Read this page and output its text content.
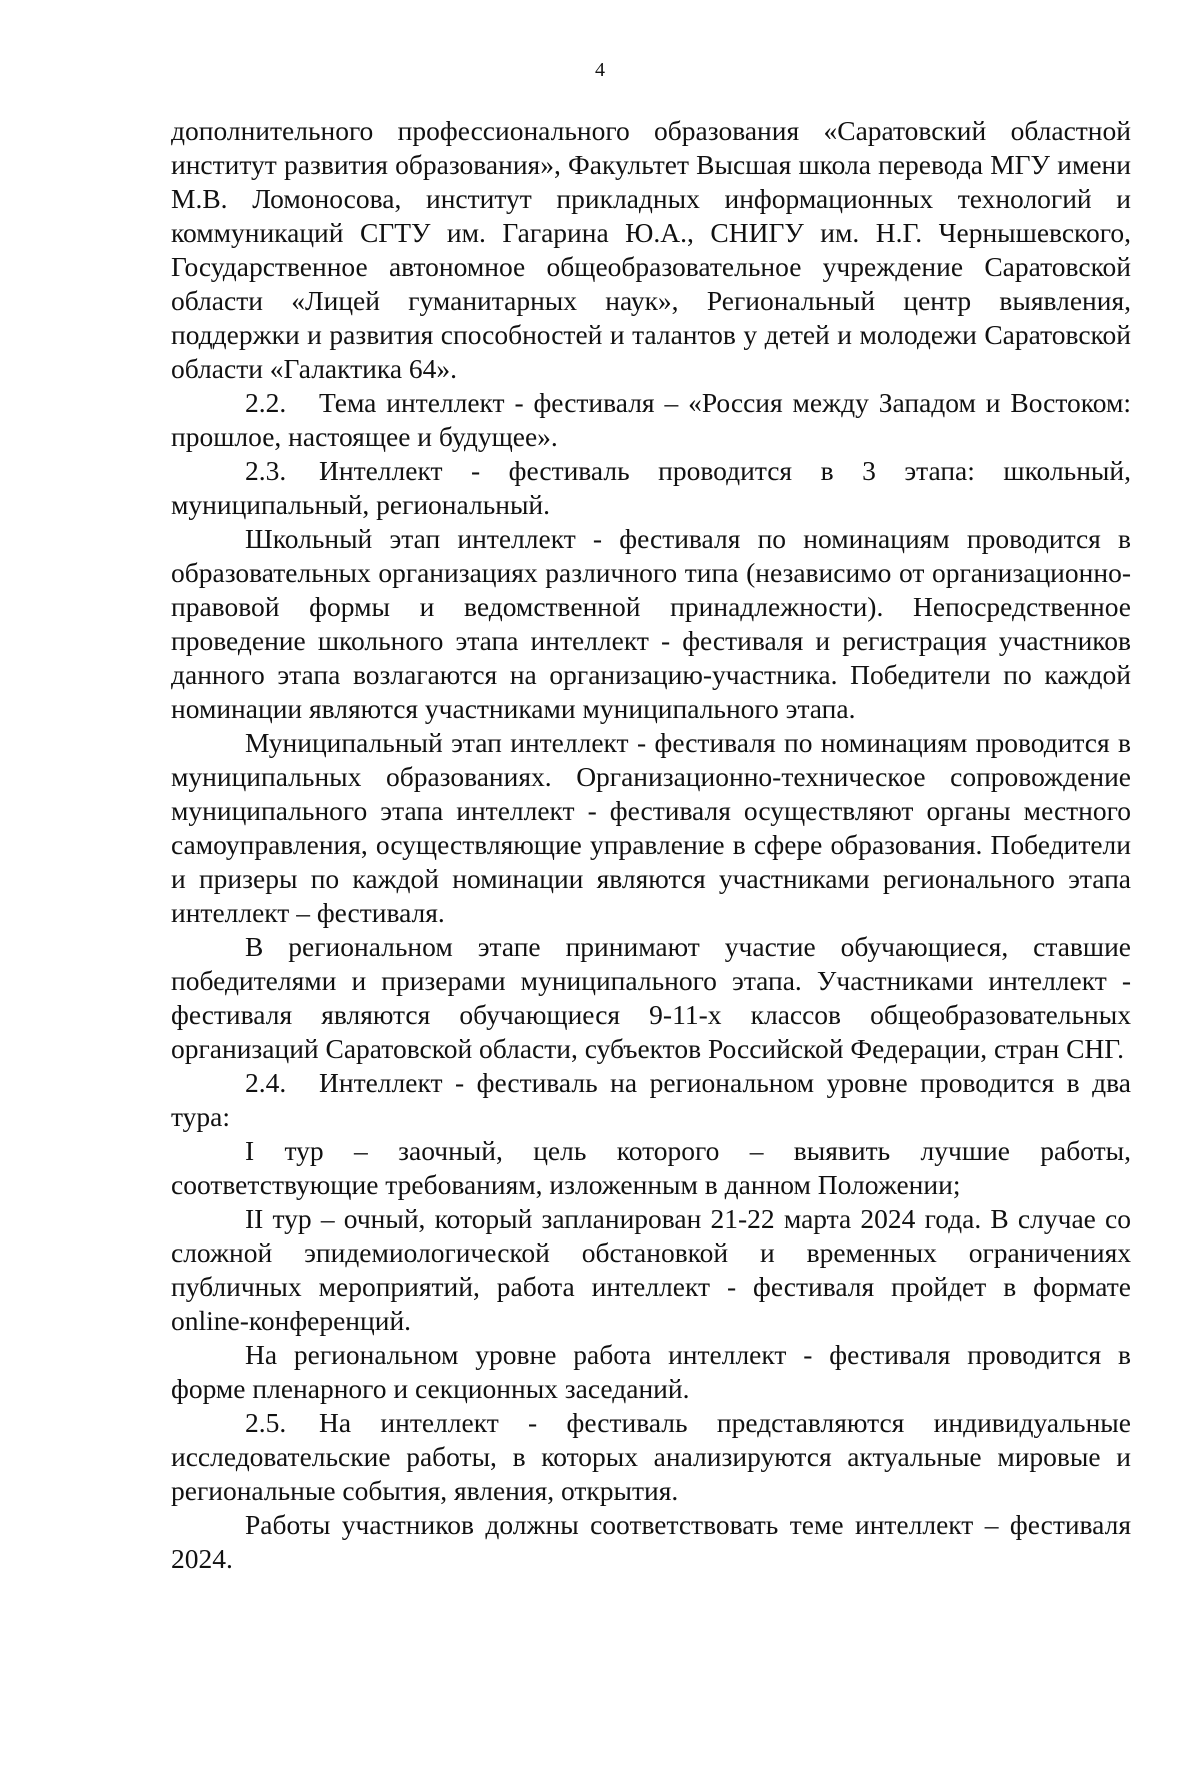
4

дополнительного профессионального образования «Саратовский областной институт развития образования», Факультет Высшая школа перевода МГУ имени М.В. Ломоносова, институт прикладных информационных технологий и коммуникаций СГТУ им. Гагарина Ю.А., СНИГУ им. Н.Г. Чернышевского, Государственное автономное общеобразовательное учреждение Саратовской области «Лицей гуманитарных наук», Региональный центр выявления, поддержки и развития способностей и талантов у детей и молодежи Саратовской области «Галактика 64».

2.2. Тема интеллект - фестиваля – «Россия между Западом и Востоком: прошлое, настоящее и будущее».

2.3. Интеллект - фестиваль проводится в 3 этапа: школьный, муниципальный, региональный.

Школьный этап интеллект - фестиваля по номинациям проводится в образовательных организациях различного типа (независимо от организационно-правовой формы и ведомственной принадлежности). Непосредственное проведение школьного этапа интеллект - фестиваля и регистрация участников данного этапа возлагаются на организацию-участника. Победители по каждой номинации являются участниками муниципального этапа.

Муниципальный этап интеллект - фестиваля по номинациям проводится в муниципальных образованиях. Организационно-техническое сопровождение муниципального этапа интеллект - фестиваля осуществляют органы местного самоуправления, осуществляющие управление в сфере образования. Победители и призеры по каждой номинации являются участниками регионального этапа интеллект – фестиваля.

В региональном этапе принимают участие обучающиеся, ставшие победителями и призерами муниципального этапа. Участниками интеллект - фестиваля являются обучающиеся 9-11-х классов общеобразовательных организаций Саратовской области, субъектов Российской Федерации, стран СНГ.

2.4. Интеллект - фестиваль на региональном уровне проводится в два тура:

I тур – заочный, цель которого – выявить лучшие работы, соответствующие требованиям, изложенным в данном Положении;

II тур – очный, который запланирован 21-22 марта 2024 года. В случае со сложной эпидемиологической обстановкой и временных ограничениях публичных мероприятий, работа интеллект - фестиваля пройдет в формате online-конференций.

На региональном уровне работа интеллект - фестиваля проводится в форме пленарного и секционных заседаний.

2.5. На интеллект - фестиваль представляются индивидуальные исследовательские работы, в которых анализируются актуальные мировые и региональные события, явления, открытия.

Работы участников должны соответствовать теме интеллект – фестиваля 2024.
